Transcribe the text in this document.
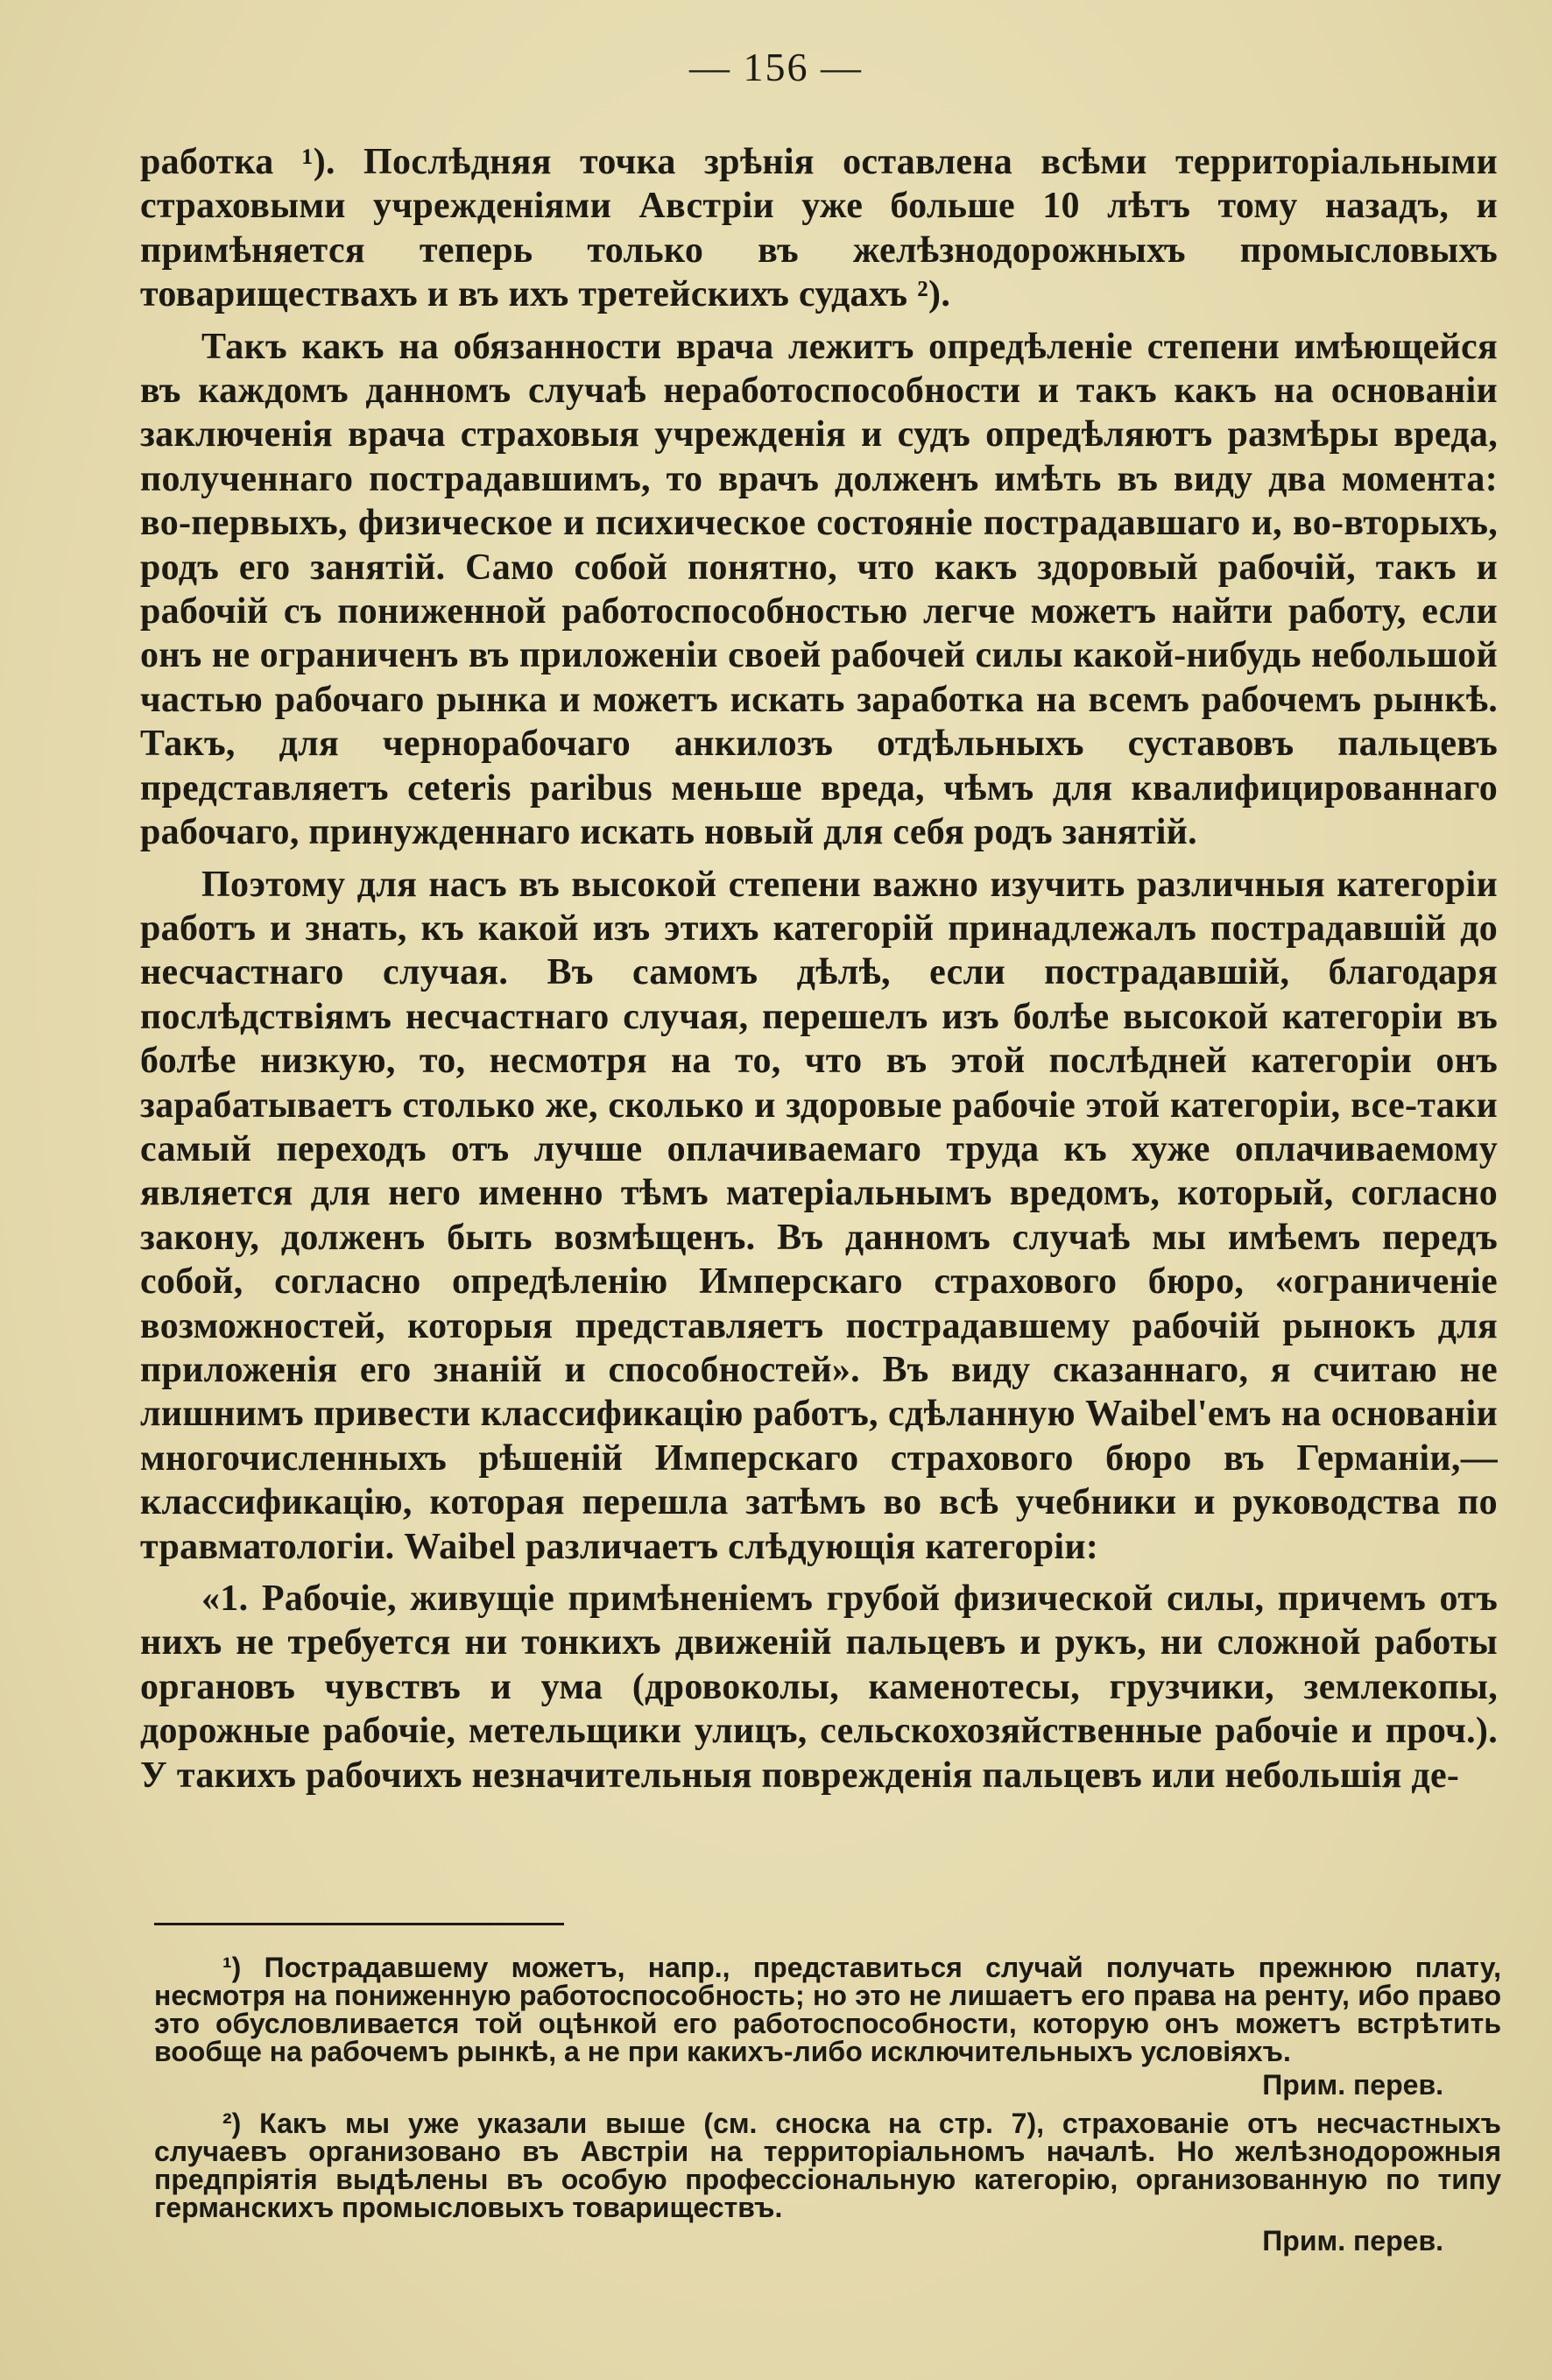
— 156 —

работка ¹). Послѣдняя точка зрѣнія оставлена всѣми территоріальными страховыми учрежденіями Австріи уже больше 10 лѣтъ тому назадъ, и примѣняется теперь только въ желѣзнодорожныхъ промысловыхъ товариществахъ и въ ихъ третейскихъ судахъ ²).

Такъ какъ на обязанности врача лежитъ опредѣленіе степени имѣющейся въ каждомъ данномъ случаѣ неработоспособности и такъ какъ на основаніи заключенія врача страховыя учрежденія и судъ опредѣляютъ размѣры вреда, полученнаго пострадавшимъ, то врачъ долженъ имѣть въ виду два момента: во-первыхъ, физическое и психическое состояніе пострадавшаго и, во-вторыхъ, родъ его занятій. Само собой понятно, что какъ здоровый рабочій, такъ и рабочій съ пониженной работоспособностью легче можетъ найти работу, если онъ не ограниченъ въ приложеніи своей рабочей силы какой-нибудь небольшой частью рабочаго рынка и можетъ искать заработка на всемъ рабочемъ рынкѣ. Такъ, для чернорабочаго анкилозъ отдѣльныхъ суставовъ пальцевъ представляетъ ceteris paribus меньше вреда, чѣмъ для квалифицированнаго рабочаго, принужденнаго искать новый для себя родъ занятій.

Поэтому для насъ въ высокой степени важно изучить различныя категоріи работъ и знать, къ какой изъ этихъ категорій принадлежалъ пострадавшій до несчастнаго случая. Въ самомъ дѣлѣ, если пострадавшій, благодаря послѣдствіямъ несчастнаго случая, перешелъ изъ болѣе высокой категоріи въ болѣе низкую, то, несмотря на то, что въ этой послѣдней категоріи онъ зарабатываетъ столько же, сколько и здоровые рабочіе этой категоріи, все-таки самый переходъ отъ лучше оплачиваемаго труда къ хуже оплачиваемому является для него именно тѣмъ матеріальнымъ вредомъ, который, согласно закону, долженъ быть возмѣщенъ. Въ данномъ случаѣ мы имѣемъ передъ собой, согласно опредѣленію Имперскаго страхового бюро, «ограниченіе возможностей, которыя представляетъ пострадавшему рабочій рынокъ для приложенія его знаній и способностей». Въ виду сказаннаго, я считаю не лишнимъ привести классификацію работъ, сдѣланную Waibel'емъ на основаніи многочисленныхъ рѣшеній Имперскаго страхового бюро въ Германіи,— классификацію, которая перешла затѣмъ во всѣ учебники и руководства по травматологіи. Waibel различаетъ слѣдующія категоріи:

«1. Рабочіе, живущіе примѣненіемъ грубой физической силы, причемъ отъ нихъ не требуется ни тонкихъ движеній пальцевъ и рукъ, ни сложной работы органовъ чувствъ и ума (дровоколы, каменотесы, грузчики, землекопы, дорожные рабочіе, метельщики улицъ, сельскохозяйственные рабочіе и проч.). У такихъ рабочихъ незначительныя поврежденія пальцевъ или небольшія де-

¹) Пострадавшему можетъ, напр., представиться случай получать прежнюю плату, несмотря на пониженную работоспособность; но это не лишаетъ его права на ренту, ибо право это обусловливается той оцѣнкой его работоспособности, которую онъ можетъ встрѣтить вообще на рабочемъ рынкѣ, а не при какихъ-либо исключительныхъ условіяхъ.

Прим. перев.

²) Какъ мы уже указали выше (см. сноска на стр. 7), страхованіе отъ несчастныхъ случаевъ организовано въ Австріи на территоріальномъ началѣ. Но желѣзнодорожныя предпріятія выдѣлены въ особую профессіональную категорію, организованную по типу германскихъ промысловыхъ товариществъ.

Прим. перев.
